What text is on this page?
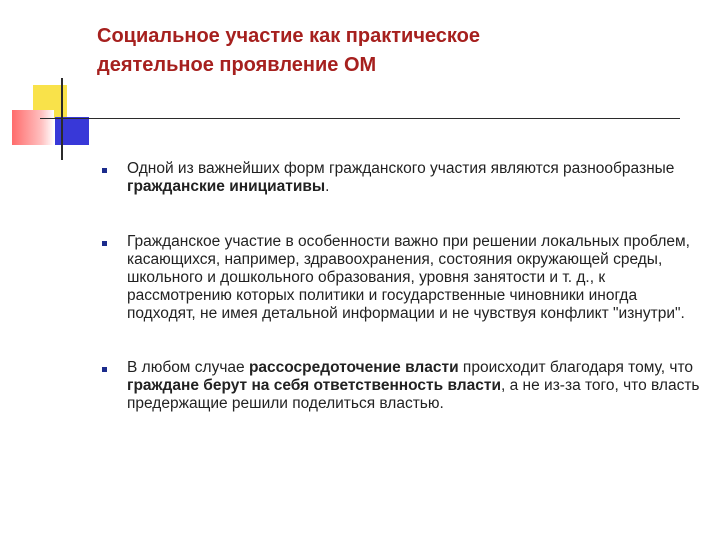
Социальное участие как практическое
деятельное проявление ОМ
Одной из важнейших форм гражданского участия являются разнообразные гражданские инициативы.
Гражданское участие в особенности важно при решении локальных проблем, касающихся, например, здравоохранения, состояния окружающей среды, школьного и дошкольного образования, уровня занятости и т. д., к рассмотрению которых политики и государственные чиновники иногда подходят, не имея детальной информации и не чувствуя конфликт "изнутри".
В любом случае рассосредоточение власти происходит благодаря тому, что граждане берут на себя ответственность власти, а не из-за того, что власть предержащие решили поделиться властью.
